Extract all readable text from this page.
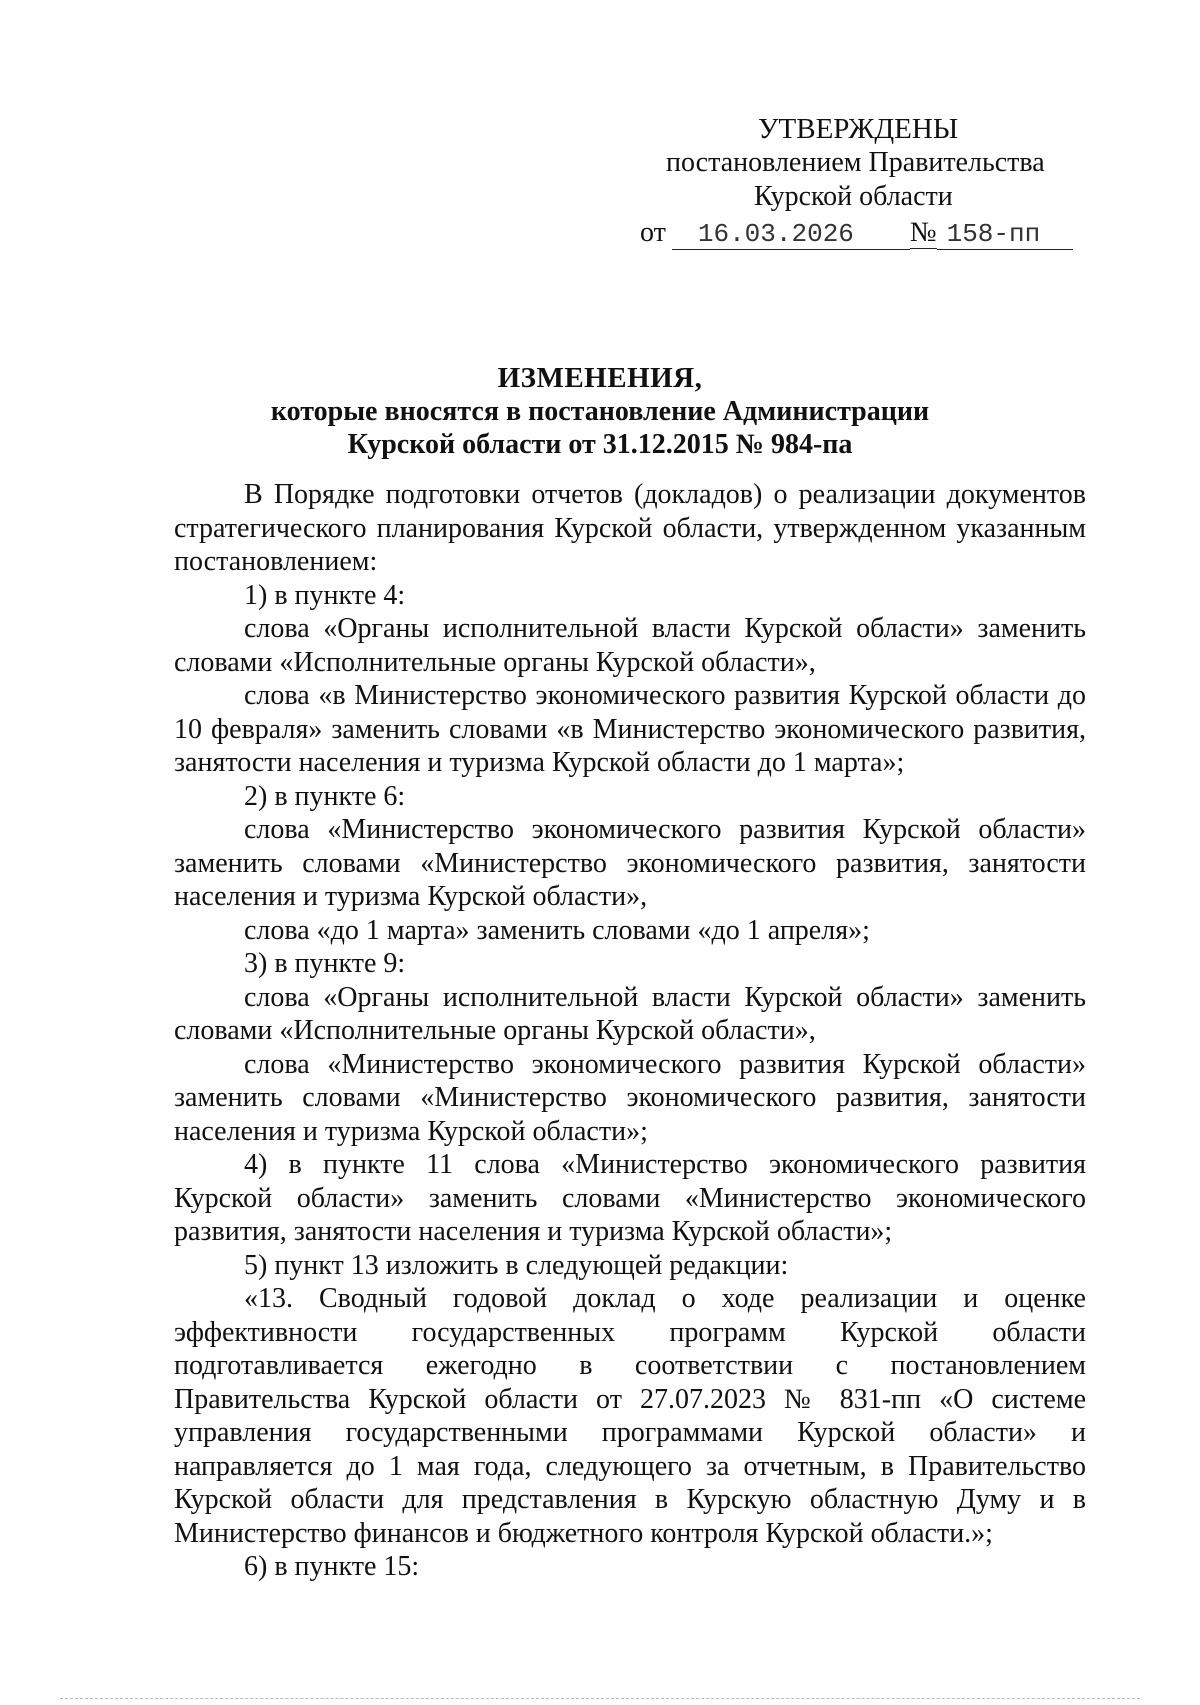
УТВЕРЖДЕНЫ
постановлением Правительства
Курской области
от	16.03.2026	№ 158-пп
ИЗМЕНЕНИЯ,
которые вносятся в постановление Администрации
Курской области от 31.12.2015 № 984-па

В Порядке подготовки отчетов (докладов) о реализации документов стратегического планирования Курской области, утвержденном указанным постановлением:

1) в пункте 4:

слова «Органы исполнительной власти Курской области» заменить словами «Исполнительные органы Курской области»,

слова «в Министерство экономического развития Курской области до 10 февраля» заменить словами «в Министерство экономического развития, занятости населения и туризма Курской области до 1 марта»;

2) в пункте 6:

слова «Министерство экономического развития Курской области» заменить словами «Министерство экономического развития, занятости населения и туризма Курской области»,

слова «до 1 марта» заменить словами «до 1 апреля»;

3) в пункте 9:

слова «Органы исполнительной власти Курской области» заменить словами «Исполнительные органы Курской области»,

слова «Министерство экономического развития Курской области» заменить словами «Министерство экономического развития, занятости населения и туризма Курской области»;

4) в пункте 11 слова «Министерство экономического развития Курской области» заменить словами «Министерство экономического развития, занятости населения и туризма Курской области»;

5) пункт 13 изложить в следующей редакции:

«13. Сводный годовой доклад о ходе реализации и оценке эффективности государственных программ Курской области подготавливается ежегодно в соответствии с постановлением Правительства Курской области от 27.07.2023 № 831-пп «О системе управления государственными программами Курской области» и направляется до 1 мая года, следующего за отчетным, в Правительство Курской области для представления в Курскую областную Думу и в Министерство финансов и бюджетного контроля Курской области.»;

6) в пункте 15:
